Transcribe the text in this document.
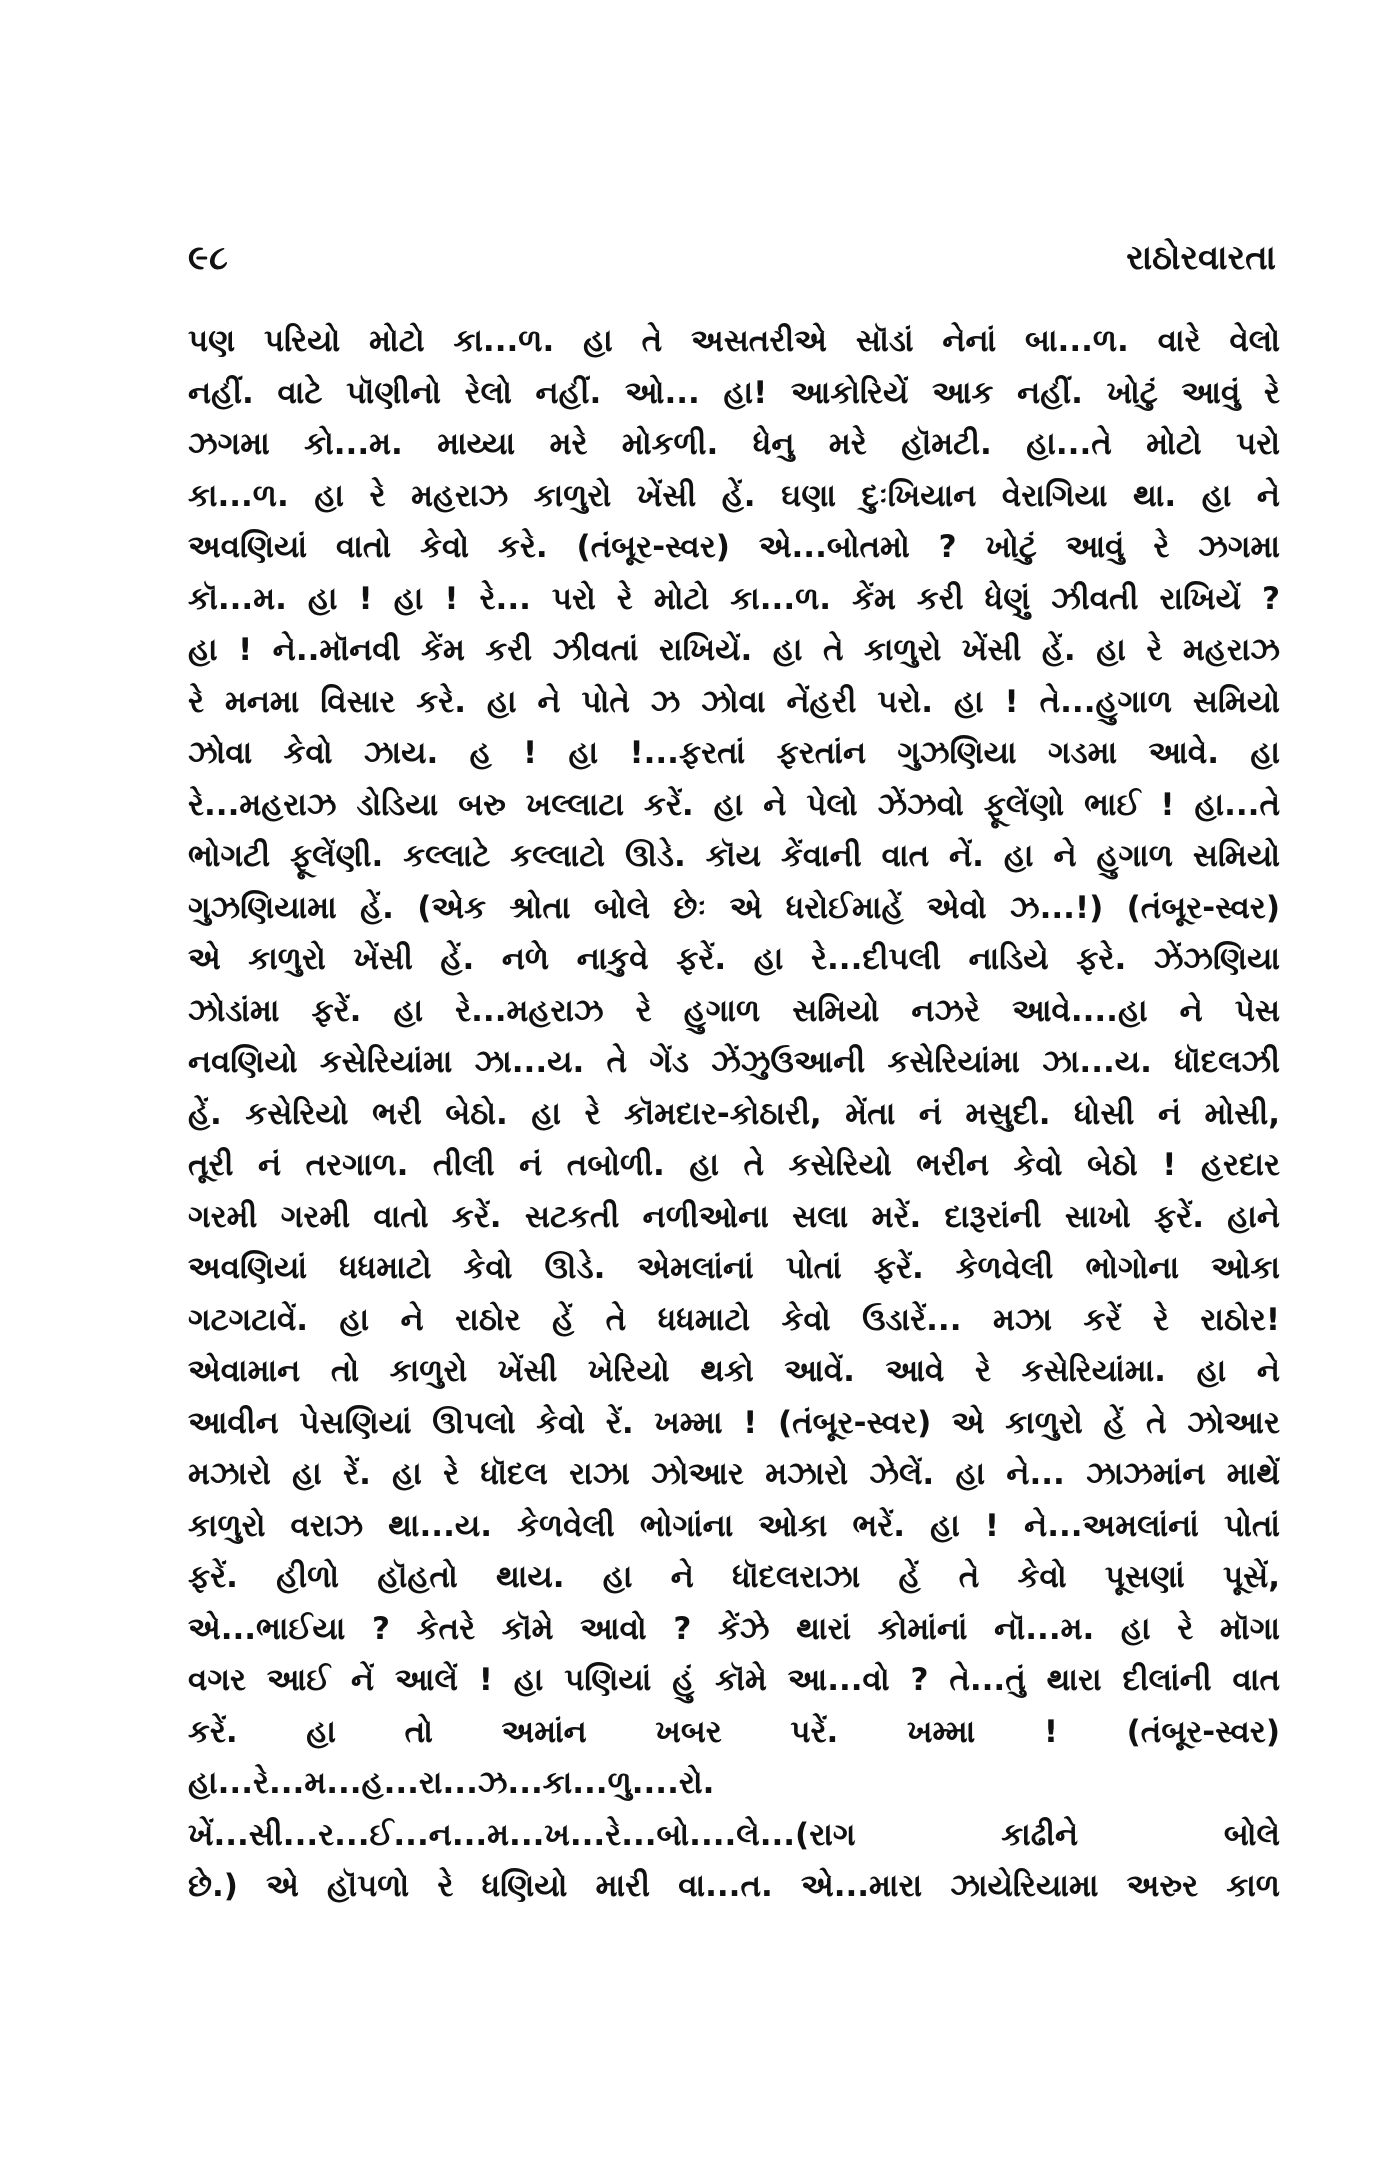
૯૮	રાઠોરવારતા
પણ પરિયો મોટો કા...ળ. હા તે અસતરીએ સૉડાં નેનાં બા...ળ. વારે વેલો
નહીં. વાટે પૉણીનો રેલો નહીં. ઓ... હા! આકોરિયેં આક નહીં. ખોટું આવું રે
ઝગમા કો...મ. માય્યા મરે મોકળી. ધેનુ મરે હૉમટી. હા...તે મોટો પરો
કા...ળ. હા રે મહરાઝ કાળુરો ખેંસી હેં. ઘણા દુઃખિયાન વેરાગિયા થા. હા ને
અવણિયાં વાતો કેવો કરે. (તંબૂર-સ્વર) એ...બોતમો ? ખોટું આવું રે ઝગમા
કૉ...મ. હા ! હા ! રે... પરો રે મોટો કા...ળ. કેંમ કરી ધેણું ઝીવતી રાખિયેં ?
હા ! ને..મૉનવી કેંમ કરી ઝીવતાં રાખિયેં. હા તે કાળુરો ખેંસી હેં. હા રે મહરાઝ
રે મનમા વિસાર કરે. હા ને પોતે ઝ ઝોવા નેંહરી પરો. હા ! તે...હુગાળ સમિયો
ઝોવા કેવો ઝાય. હ ! હા !...ફરતાં ફરતાંન ગુઝણિયા ગડમા આવે. હા
રે...મહરાઝ ડોડિયા બરુ ખલ્લાટા કરેં. હા ને પેલો ઝેંઝવો ફૂલેંણો ભાઈ ! હા...તે
ભોગટી ફૂલેંણી. કલ્લાટે કલ્લાટો ઊડે. કૉય કેંવાની વાત નેં. હા ને હુગાળ સમિયો
ગુઝણિયામા હેં. (એક શ્રોતા બોલે છેઃ એ ધરોઈમાહેં એવો ઝ...!) (તંબૂર-સ્વર)
એ કાળુરો ખેંસી હેં. નળે નાકુવે ફરેં. હા રે...દીપલી નાડિયે ફરે. ઝેંઝણિયા
ઝોડાંમા ફરેં. હા રે...મહરાઝ રે હુગાળ સમિયો નઝરે આવે....હા ને પેસ
નવણિયો કસેરિયાંમા ઝા...ય. તે ગેંડ ઝેંઝુઉઆની કસેરિયાંમા ઝા...ય. ધૉદલઝી
હેં. કસેરિયો ભરી બેઠો. હા રે કૉમદાર-કોઠારી, મેંતા નં મસુદી. ધોસી નં મોસી,
તૂરી નં તરગાળ. તીલી નં તબોળી. હા તે કસેરિયો ભરીન કેવો બેઠો ! હરદાર
ગરમી ગરમી વાતો કરેં. સટકતી નળીઓના સલા મરેં. દારૂરાંની સાખો ફરેં. હાને
અવણિયાં ધધમાટો કેવો ઊડે. એમલાંનાં પોતાં ફરેં. કેળવેલી ભોગોના ઓકા
ગટગટાવેં. હા ને રાઠોર હેં તે ધધમાટો કેવો ઉડારેં... મઝા કરેં રે રાઠોર!
એવામાન તો કાળુરો ખેંસી ખેરિયો થકો આવેં. આવે રે કસેરિયાંમા. હા ને
આવીન પેસણિયાં ઊપલો કેવો રેં. ખમ્મા ! (તંબૂર-સ્વર) એ કાળુરો હેં તે ઝોઆર
મઝારો હા રેં. હા રે ધૉદલ રાઝા ઝોઆર મઝારો ઝેલેં. હા ને... ઝાઝમાંન માથેં
કાળુરો વરાઝ થા...ય. કેળવેલી ભોગાંના ઓકા ભરેં. હા ! ને...અમલાંનાં પોતાં
ફરેં. હીળો હૉહતો થાય. હા ને ધૉદલરાઝા હેં તે કેવો પૂસણાં પૂસેં,
એ...ભાઈયા ? કેતરે કૉમે આવો ? કેંઝે થારાં કોમાંનાં નૉ...મ. હા રે મૉગા
વગર આઈ નેં આલેં ! હા પણિયાં હું કૉમે આ...વો ? તે...તું થારા દીલાંની વાત
કરેં. હા તો અમાંન ખબર પરેં. ખમ્મા ! (તંબૂર-સ્વર)
હા...રે...મ...હ...રા...ઝ...કા...ળુ....રો.
ખેં...સી...ર...ઈ...ન...મ...ખ...રે...બો....લે...(રાગ કાઢીને બોલે
છે.) એ હૉપળો રે ધણિયો મારી વા...ત. એ...મારા ઝાયેરિયામા અરુર કાળ
